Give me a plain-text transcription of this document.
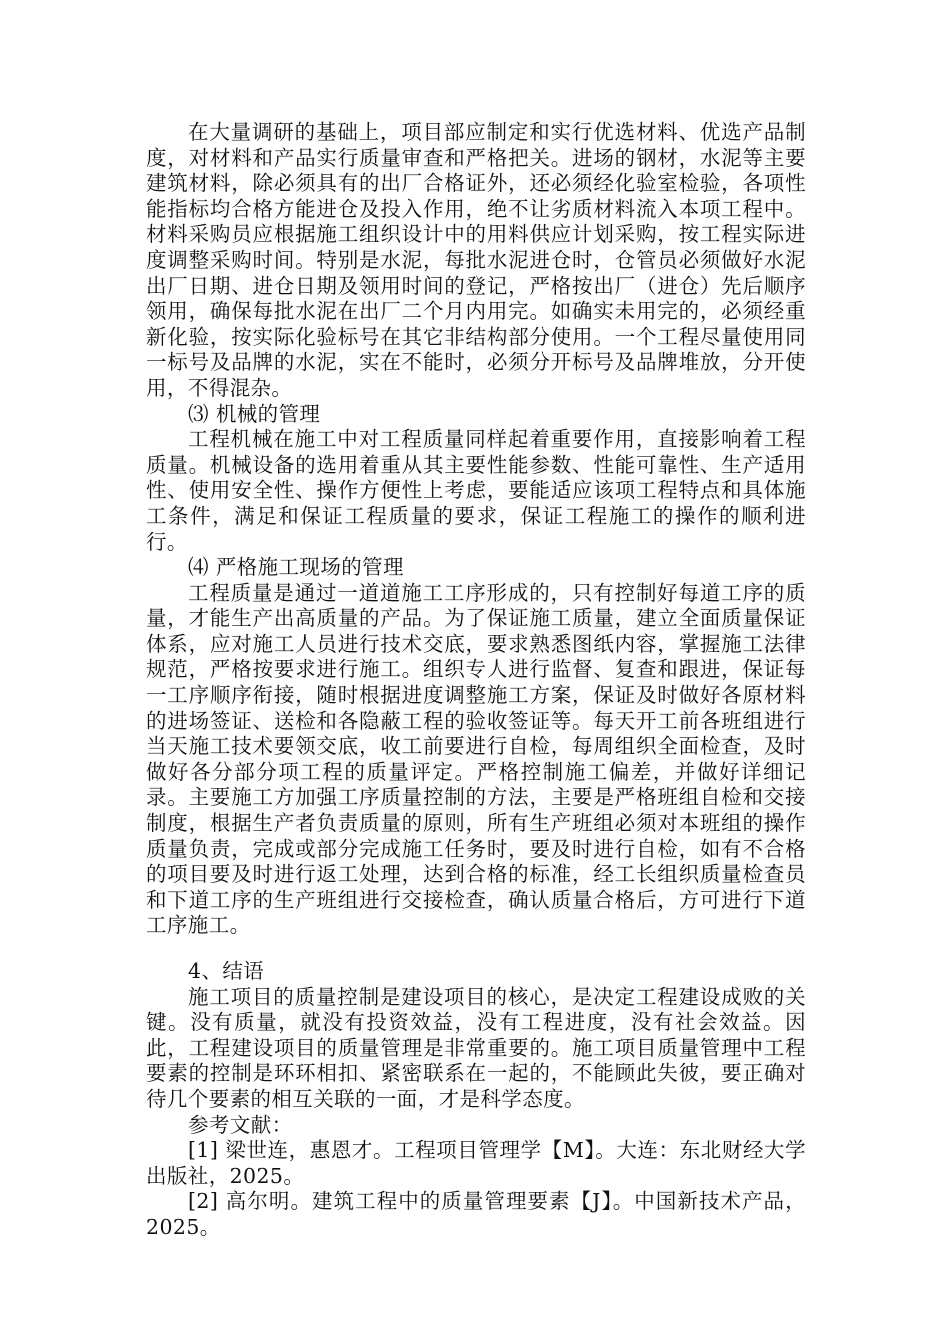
在大量调研的基础上，项目部应制定和实行优选材料、优选产品制度，对材料和产品实行质量审查和严格把关。进场的钢材，水泥等主要建筑材料，除必须具有的出厂合格证外，还必须经化验室检验，各项性能指标均合格方能进仓及投入作用，绝不让劣质材料流入本项工程中。材料采购员应根据施工组织设计中的用料供应计划采购，按工程实际进度调整采购时间。特别是水泥，每批水泥进仓时，仓管员必须做好水泥出厂日期、进仓日期及领用时间的登记，严格按出厂（进仓）先后顺序领用，确保每批水泥在出厂二个月内用完。如确实未用完的，必须经重新化验，按实际化验标号在其它非结构部分使用。一个工程尽量使用同一标号及品牌的水泥，实在不能时，必须分开标号及品牌堆放，分开使用，不得混杂。

⑶ 机械的管理

工程机械在施工中对工程质量同样起着重要作用，直接影响着工程质量。机械设备的选用着重从其主要性能参数、性能可靠性、生产适用性、使用安全性、操作方便性上考虑，要能适应该项工程特点和具体施工条件，满足和保证工程质量的要求，保证工程施工的操作的顺利进行。

⑷ 严格施工现场的管理

工程质量是通过一道道施工工序形成的，只有控制好每道工序的质量，才能生产出高质量的产品。为了保证施工质量，建立全面质量保证体系，应对施工人员进行技术交底，要求熟悉图纸内容，掌握施工法律规范，严格按要求进行施工。组织专人进行监督、复查和跟进，保证每一工序顺序衔接，随时根据进度调整施工方案，保证及时做好各原材料的进场签证、送检和各隐蔽工程的验收签证等。每天开工前各班组进行当天施工技术要领交底，收工前要进行自检，每周组织全面检查，及时做好各分部分项工程的质量评定。严格控制施工偏差，并做好详细记录。主要施工方加强工序质量控制的方法，主要是严格班组自检和交接制度，根据生产者负责质量的原则，所有生产班组必须对本班组的操作质量负责，完成或部分完成施工任务时，要及时进行自检，如有不合格的项目要及时进行返工处理，达到合格的标准，经工长组织质量检查员和下道工序的生产班组进行交接检查，确认质量合格后，方可进行下道工序施工。

4、结语

施工项目的质量控制是建设项目的核心，是决定工程建设成败的关键。没有质量，就没有投资效益，没有工程进度，没有社会效益。因此，工程建设项目的质量管理是非常重要的。施工项目质量管理中工程要素的控制是环环相扣、紧密联系在一起的，不能顾此失彼，要正确对待几个要素的相互关联的一面，才是科学态度。

参考文献：

[1] 梁世连，惠恩才。工程项目管理学【M】。大连：东北财经大学出版社，2025。

[2] 高尔明。建筑工程中的质量管理要素【J】。中国新技术产品，2025。
